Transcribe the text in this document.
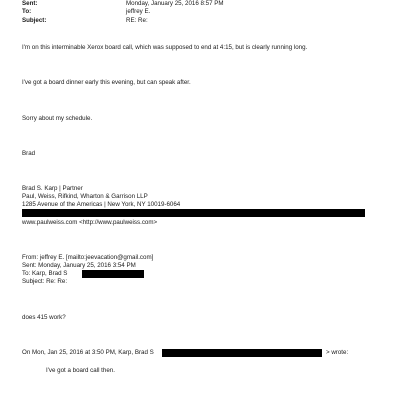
Sent:	Monday, January 25, 2016 8:57 PM
To:	jeffrey E.
Subject:	RE: Re:
I'm on this interminable Xerox board call, which was supposed to end at 4:15, but is clearly running long.
I've got a board dinner early this evening, but can speak after.
Sorry about my schedule.
Brad
Brad S. Karp | Partner
Paul, Weiss, Rifkind, Wharton & Garrison LLP
1285 Avenue of the Americas | New York, NY 10019-6064
www.paulweiss.com <http://www.paulweiss.com>
From: jeffrey E. [mailto:jeevacation@gmail.com]
Sent: Monday, January 25, 2016 3:54 PM
To: Karp, Brad S
Subject: Re: Re:
does 415 work?
On Mon, Jan 25, 2016 at 3:50 PM, Karp, Brad S	> wrote:
I've got a board call then.
